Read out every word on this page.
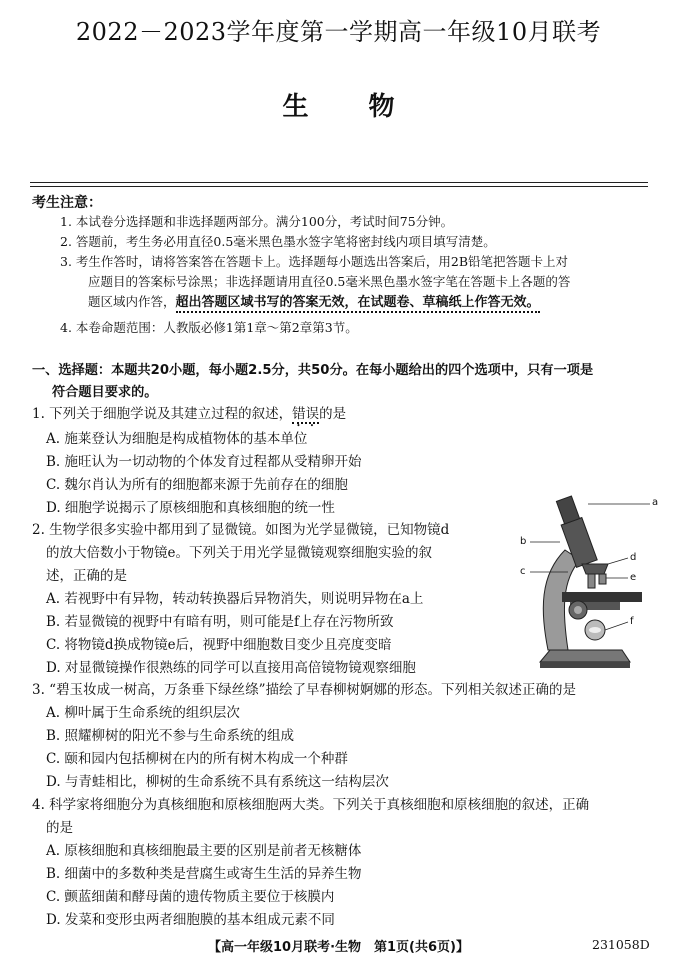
2022－2023学年度第一学期高一年级10月联考
生物
考生注意：
1. 本试卷分选择题和非选择题两部分。满分100分，考试时间75分钟。
2. 答题前，考生务必用直径0.5毫米黑色墨水签字笔将密封线内项目填写清楚。
3. 考生作答时，请将答案答在答题卡上。选择题每小题选出答案后，用2B铅笔把答题卡上对
应题目的答案标号涂黑；非选择题请用直径0.5毫米黑色墨水签字笔在答题卡上各题的答
题区域内作答，超出答题区域书写的答案无效，在试题卷、草稿纸上作答无效。
4. 本卷命题范围：人教版必修1第1章～第2章第3节。
一、选择题：本题共20小题，每小题2.5分，共50分。在每小题给出的四个选项中，只有一项是
符合题目要求的。
1. 下列关于细胞学说及其建立过程的叙述，错误的是
A. 施莱登认为细胞是构成植物体的基本单位
B. 施旺认为一切动物的个体发育过程都从受精卵开始
C. 魏尔肖认为所有的细胞都来源于先前存在的细胞
D. 细胞学说揭示了原核细胞和真核细胞的统一性
2. 生物学很多实验中都用到了显微镜。如图为光学显微镜，已知物镜d
的放大倍数小于物镜e。下列关于用光学显微镜观察细胞实验的叙
述，正确的是
A. 若视野中有异物，转动转换器后异物消失，则说明异物在a上
B. 若显微镜的视野中有暗有明，则可能是f上存在污物所致
C. 将物镜d换成物镜e后，视野中细胞数目变少且亮度变暗
D. 对显微镜操作很熟练的同学可以直接用高倍镜物镜观察细胞
a
b
c
d
e
f
3. “碧玉妆成一树高，万条垂下绿丝绦”描绘了早春柳树婀娜的形态。下列相关叙述正确的是
A. 柳叶属于生命系统的组织层次
B. 照耀柳树的阳光不参与生命系统的组成
C. 颐和园内包括柳树在内的所有树木构成一个种群
D. 与青蛙相比，柳树的生命系统不具有系统这一结构层次
4. 科学家将细胞分为真核细胞和原核细胞两大类。下列关于真核细胞和原核细胞的叙述，正确
的是
A. 原核细胞和真核细胞最主要的区别是前者无核糖体
B. 细菌中的多数种类是营腐生或寄生生活的异养生物
C. 颤蓝细菌和酵母菌的遗传物质主要位于核膜内
D. 发菜和变形虫两者细胞膜的基本组成元素不同
【高一年级10月联考·生物　第1页(共6页)】	231058D
